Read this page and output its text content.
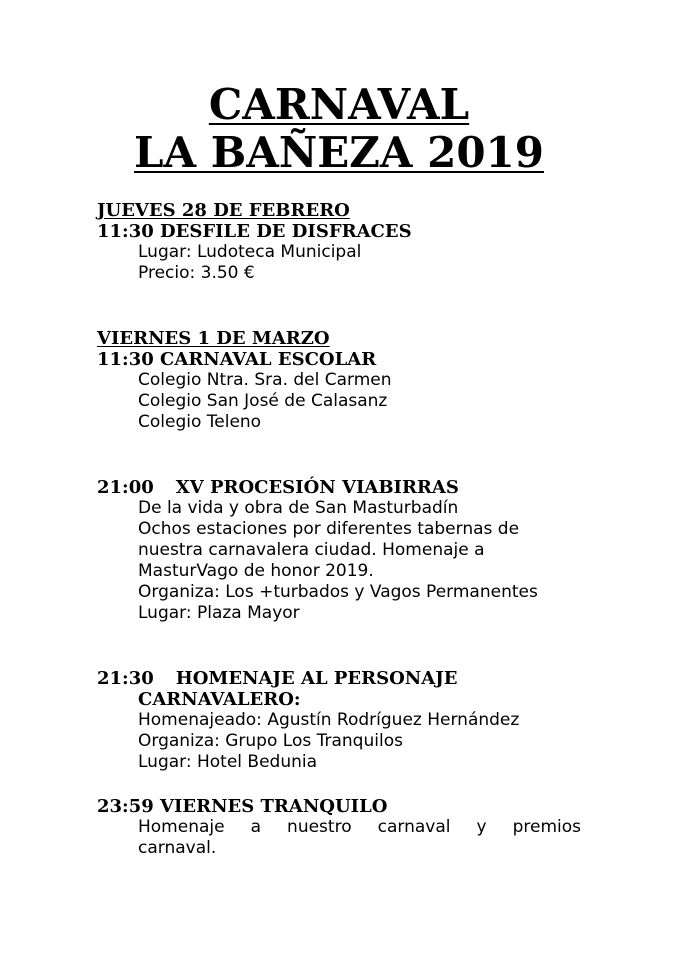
CARNAVAL
LA BAÑEZA 2019
JUEVES 28 DE FEBRERO
11:30 DESFILE DE DISFRACES
Lugar: Ludoteca Municipal
Precio: 3.50 €
VIERNES 1 DE MARZO
11:30 CARNAVAL ESCOLAR
Colegio Ntra. Sra. del Carmen
Colegio San José de Calasanz
Colegio Teleno
21:00 XV PROCESIÓN VIABIRRAS
De la vida y obra de San Masturbadín
Ochos estaciones por diferentes tabernas de
nuestra carnavalera ciudad. Homenaje a
MasturVago de honor 2019.
Organiza: Los +turbados y Vagos Permanentes
Lugar: Plaza Mayor
21:30 HOMENAJE AL PERSONAJE
CARNAVALERO:
Homenajeado: Agustín Rodríguez Hernández
Organiza: Grupo Los Tranquilos
Lugar: Hotel Bedunia
23:59 VIERNES TRANQUILO
Homenaje a nuestro carnaval y premios
carnaval.
